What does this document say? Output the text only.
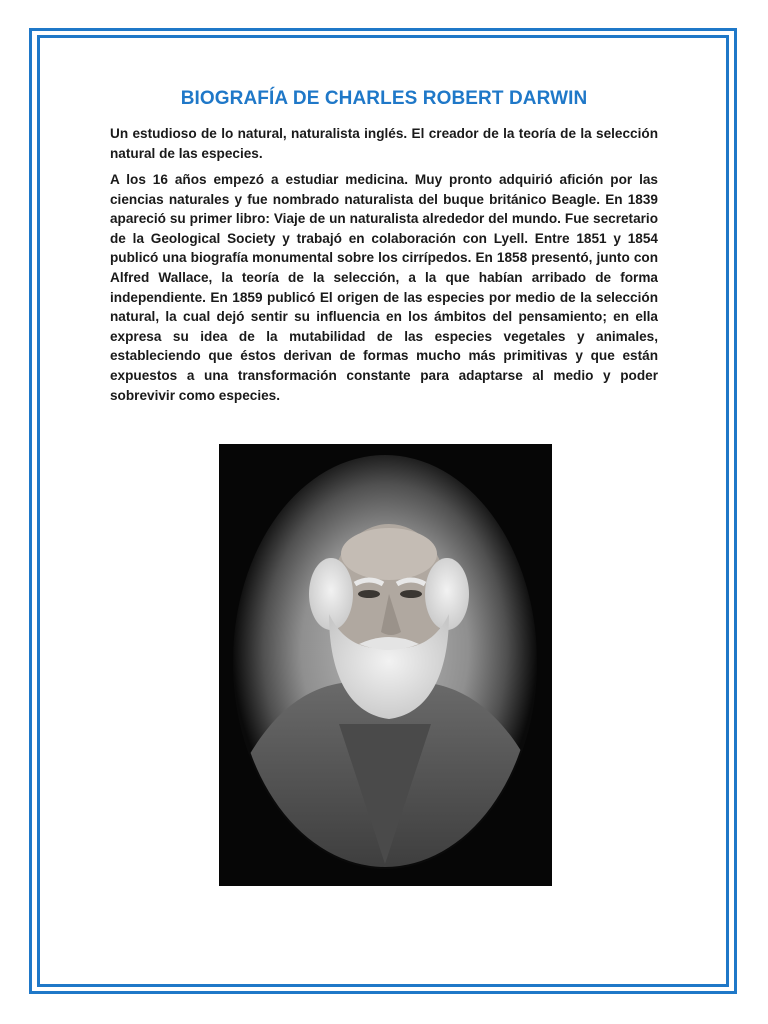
BIOGRAFÍA DE CHARLES ROBERT DARWIN

Un estudioso de lo natural, naturalista inglés. El creador de la teoría de la selección natural de las especies.

A los 16 años empezó a estudiar medicina. Muy pronto adquirió afición por las ciencias naturales y fue nombrado naturalista del buque británico Beagle. En 1839 apareció su primer libro: Viaje de un naturalista alrededor del mundo. Fue secretario de la Geological Society y trabajó en colaboración con Lyell. Entre 1851 y 1854 publicó una biografía monumental sobre los cirrípedos. En 1858 presentó, junto con Alfred Wallace, la teoría de la selección, a la que habían arribado de forma independiente. En 1859 publicó El origen de las especies por medio de la selección natural, la cual dejó sentir su influencia en los ámbitos del pensamiento; en ella expresa su idea de la mutabilidad de las especies vegetales y animales, estableciendo que éstos derivan de formas mucho más primitivas y que están expuestos a una transformación constante para adaptarse al medio y poder sobrevivir como especies.
